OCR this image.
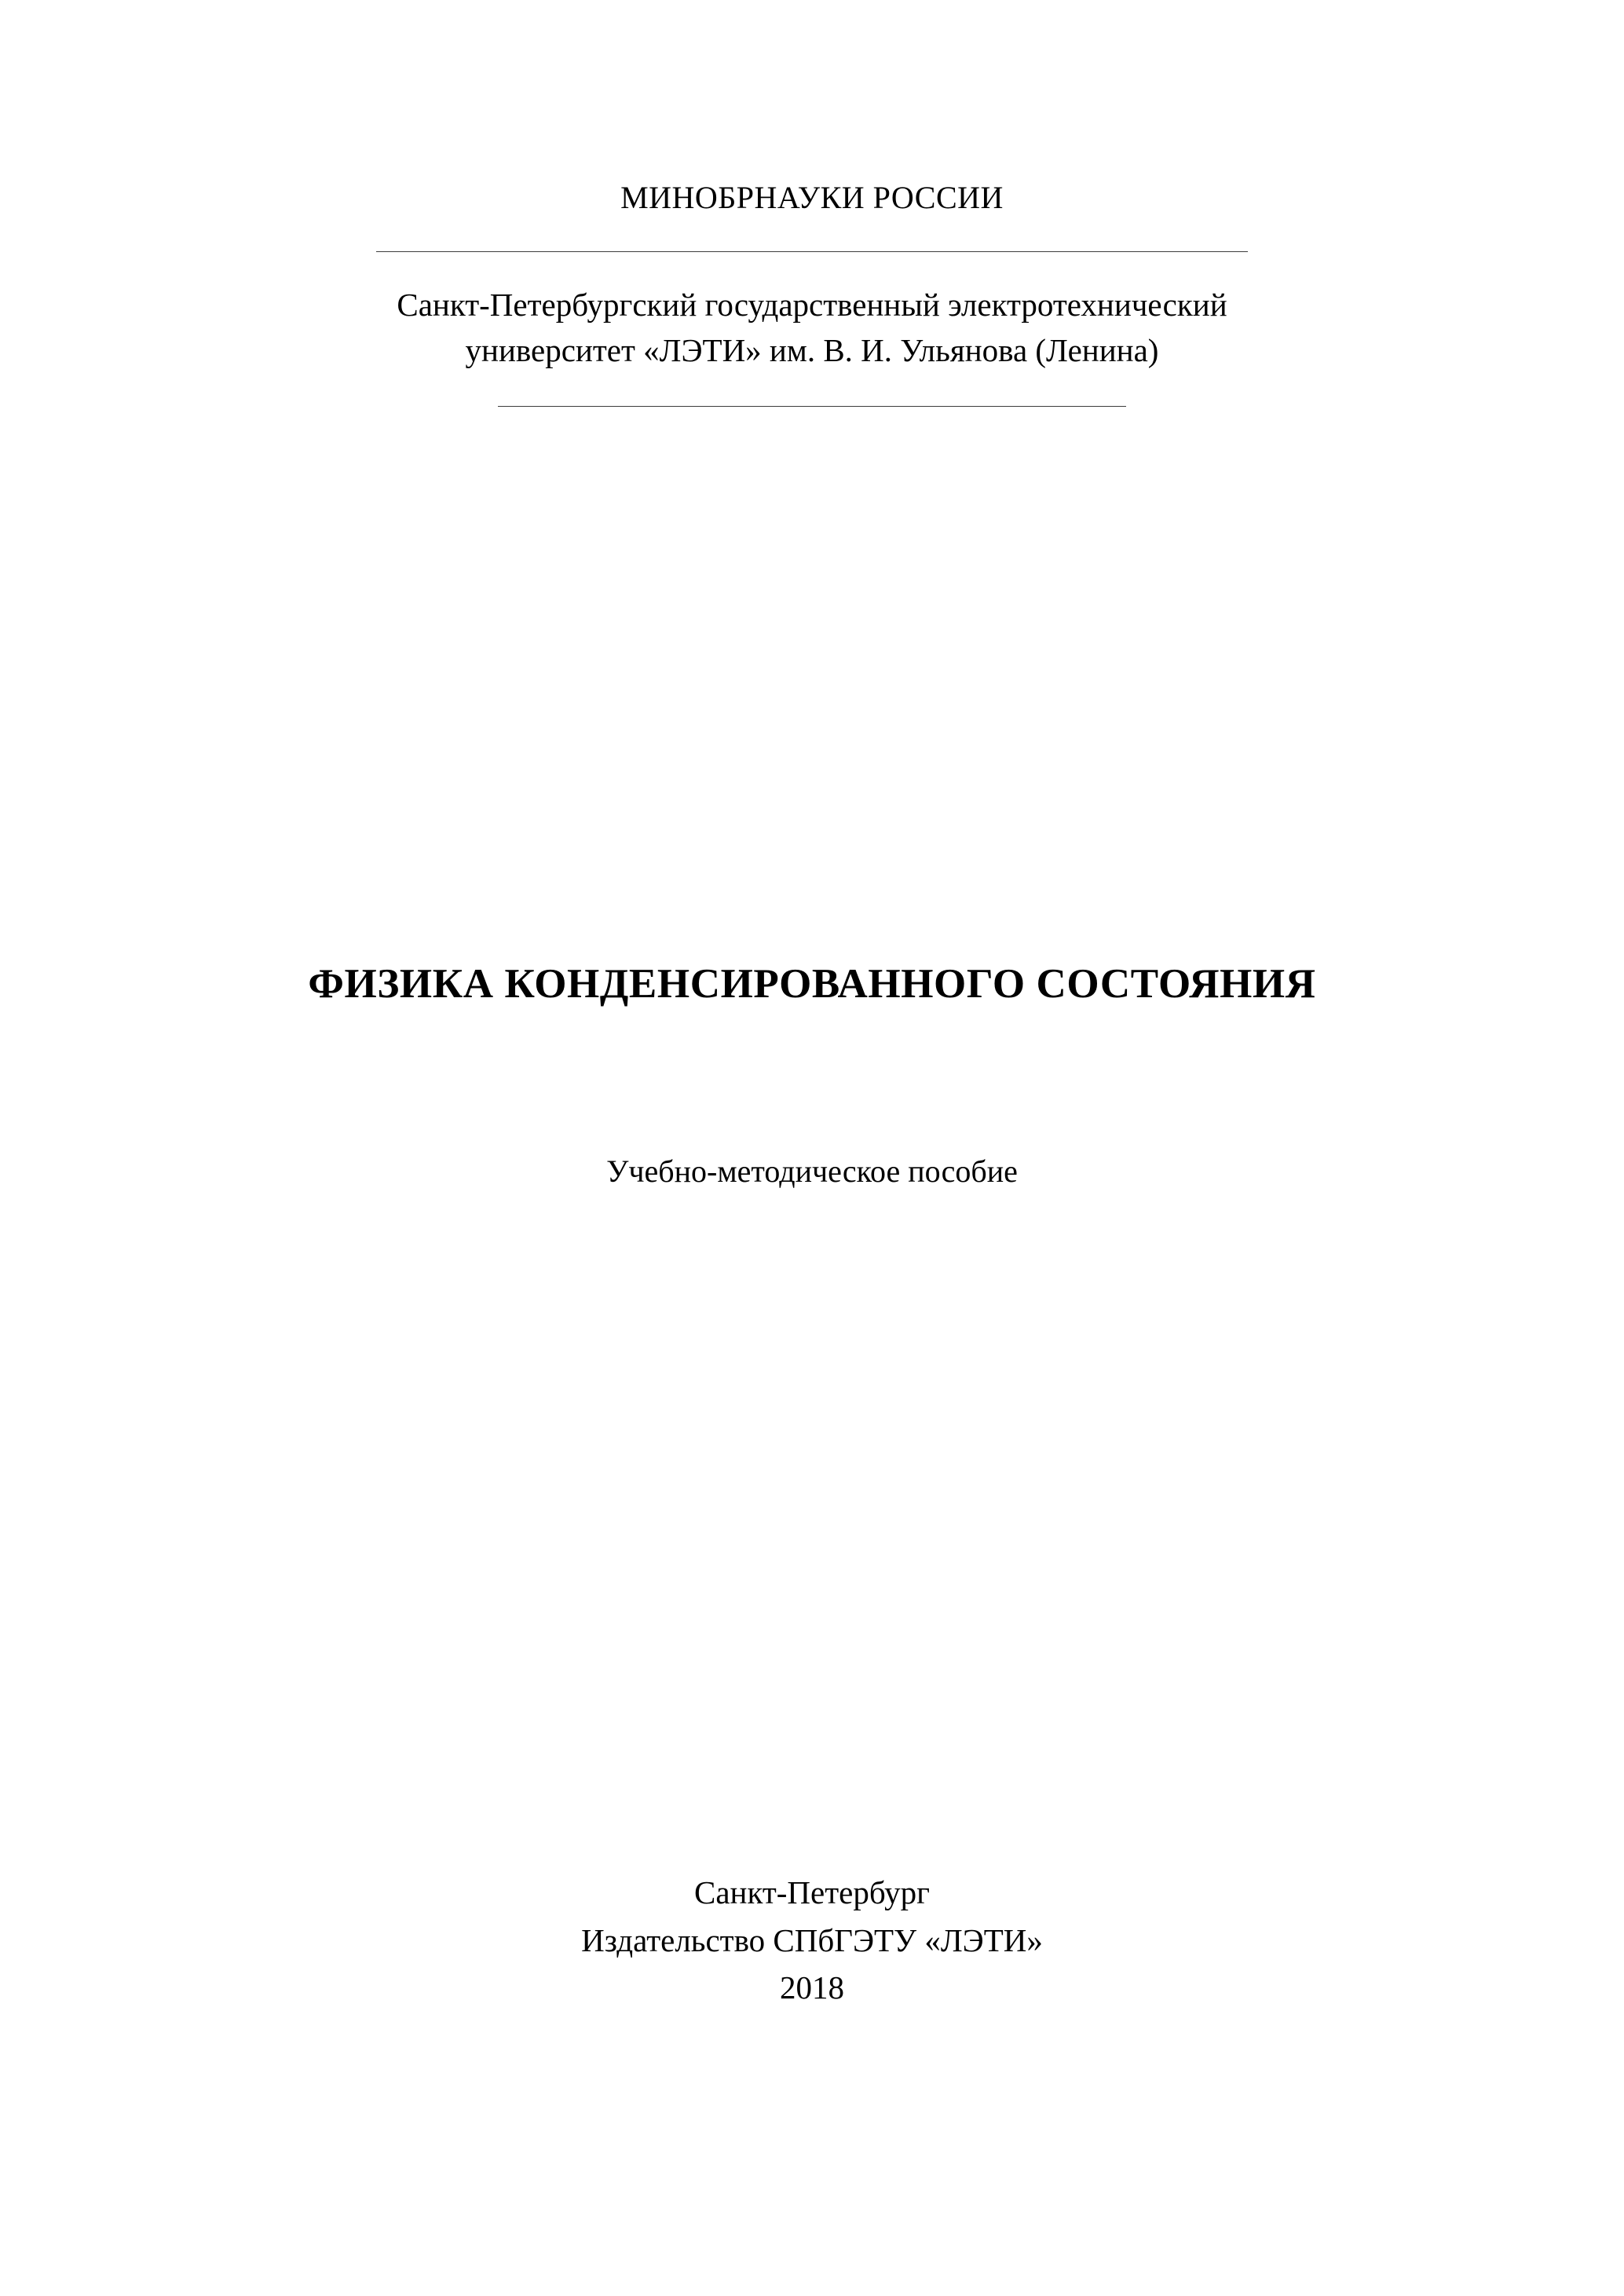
МИНОБРНАУКИ РОССИИ
Санкт-Петербургский государственный электротехнический
университет «ЛЭТИ» им. В. И. Ульянова (Ленина)
ФИЗИКА КОНДЕНСИРОВАННОГО СОСТОЯНИЯ
Учебно-методическое пособие
Санкт-Петербург
Издательство СПбГЭТУ «ЛЭТИ»
2018
